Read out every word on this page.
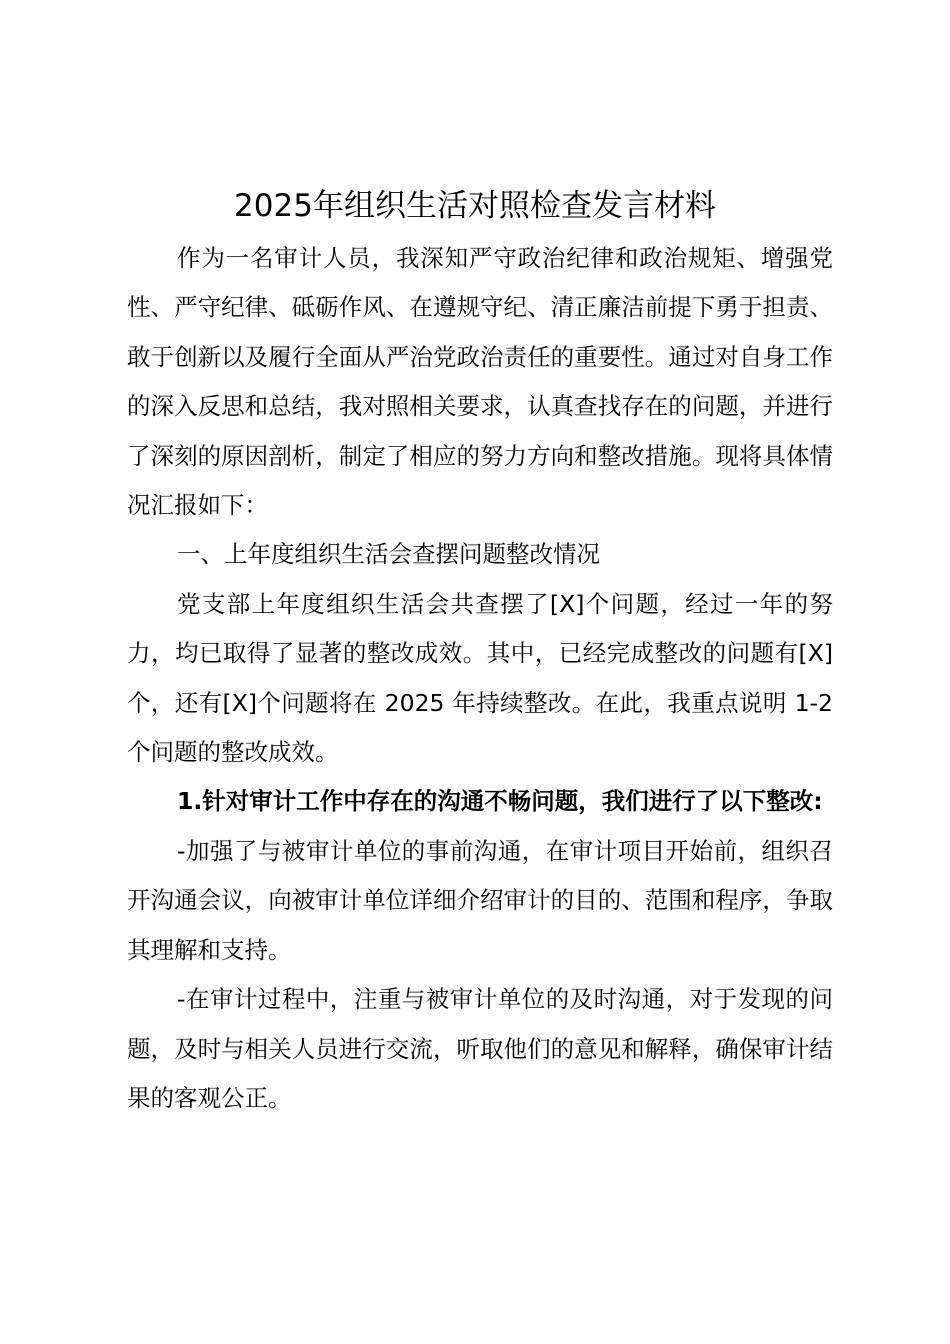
2025年组织生活对照检查发言材料

作为一名审计人员，我深知严守政治纪律和政治规矩、增强党性、严守纪律、砥砺作风、在遵规守纪、清正廉洁前提下勇于担责、敢于创新以及履行全面从严治党政治责任的重要性。通过对自身工作的深入反思和总结，我对照相关要求，认真查找存在的问题，并进行了深刻的原因剖析，制定了相应的努力方向和整改措施。现将具体情况汇报如下：

一、上年度组织生活会查摆问题整改情况

党支部上年度组织生活会共查摆了[X]个问题，经过一年的努力，均已取得了显著的整改成效。其中，已经完成整改的问题有[X]个，还有[X]个问题将在 2025 年持续整改。在此，我重点说明 1-2 个问题的整改成效。

1.针对审计工作中存在的沟通不畅问题，我们进行了以下整改:

-加强了与被审计单位的事前沟通，在审计项目开始前，组织召开沟通会议，向被审计单位详细介绍审计的目的、范围和程序，争取其理解和支持。

-在审计过程中，注重与被审计单位的及时沟通，对于发现的问题，及时与相关人员进行交流，听取他们的意见和解释，确保审计结果的客观公正。
